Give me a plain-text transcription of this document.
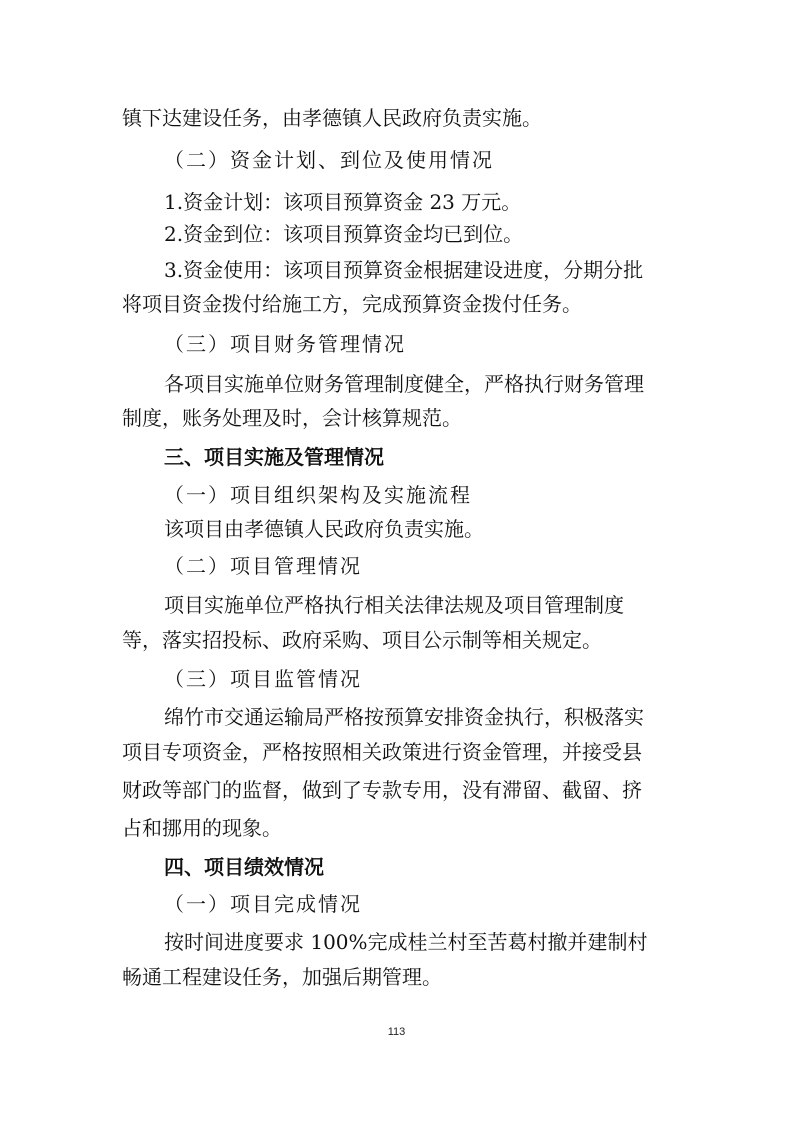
镇下达建设任务，由孝德镇人民政府负责实施。
（二）资金计划、到位及使用情况
1.资金计划：该项目预算资金 23 万元。
2.资金到位：该项目预算资金均已到位。
3.资金使用：该项目预算资金根据建设进度，分期分批
将项目资金拨付给施工方，完成预算资金拨付任务。
（三）项目财务管理情况
各项目实施单位财务管理制度健全，严格执行财务管理
制度，账务处理及时，会计核算规范。
三、项目实施及管理情况
（一）项目组织架构及实施流程
该项目由孝德镇人民政府负责实施。
（二）项目管理情况
项目实施单位严格执行相关法律法规及项目管理制度
等，落实招投标、政府采购、项目公示制等相关规定。
（三）项目监管情况
绵竹市交通运输局严格按预算安排资金执行，积极落实
项目专项资金，严格按照相关政策进行资金管理，并接受县
财政等部门的监督，做到了专款专用，没有滞留、截留、挤
占和挪用的现象。
四、项目绩效情况
（一）项目完成情况
按时间进度要求 100%完成桂兰村至苦葛村撤并建制村
畅通工程建设任务，加强后期管理。
113
